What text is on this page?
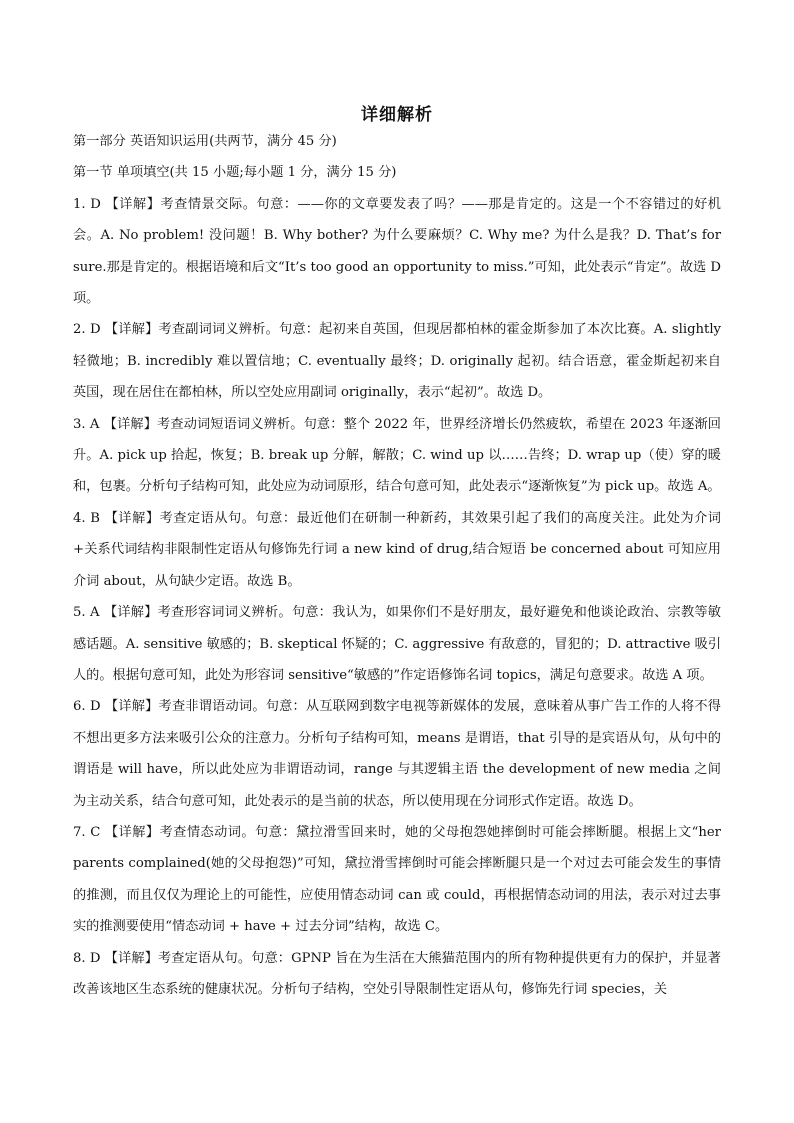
详细解析

第一部分 英语知识运用(共两节，满分 45 分)

第一节 单项填空(共 15 小题;每小题 1 分，满分 15 分)

1. D 【详解】考查情景交际。句意：——你的文章要发表了吗？——那是肯定的。这是一个不容错过的好机会。A. No problem! 没问题！B. Why bother? 为什么要麻烦？C. Why me? 为什么是我？D. That’s for sure.那是肯定的。根据语境和后文“It’s too good an opportunity to miss.”可知，此处表示“肯定”。故选 D 项。

2. D 【详解】考查副词词义辨析。句意：起初来自英国，但现居都柏林的霍金斯参加了本次比赛。A. slightly 轻微地；B. incredibly 难以置信地；C. eventually 最终；D. originally 起初。结合语意，霍金斯起初来自英国，现在居住在都柏林，所以空处应用副词 originally，表示“起初”。故选 D。

3. A 【详解】考查动词短语词义辨析。句意：整个 2022 年，世界经济增长仍然疲软，希望在 2023 年逐渐回升。A. pick up 拾起，恢复；B. break up 分解，解散；C. wind up 以……告终；D. wrap up（使）穿的暖和，包裹。分析句子结构可知，此处应为动词原形，结合句意可知，此处表示“逐渐恢复”为 pick up。故选 A。

4. B 【详解】考查定语从句。句意：最近他们在研制一种新药，其效果引起了我们的高度关注。此处为介词+关系代词结构非限制性定语从句修饰先行词 a new kind of drug,结合短语 be concerned about 可知应用介词 about，从句缺少定语。故选 B。

5. A 【详解】考查形容词词义辨析。句意：我认为，如果你们不是好朋友，最好避免和他谈论政治、宗教等敏感话题。A. sensitive 敏感的；B. skeptical 怀疑的；C. aggressive 有敌意的，冒犯的；D. attractive 吸引人的。根据句意可知，此处为形容词 sensitive“敏感的”作定语修饰名词 topics，满足句意要求。故选 A 项。

6. D 【详解】考查非谓语动词。句意：从互联网到数字电视等新媒体的发展，意味着从事广告工作的人将不得不想出更多方法来吸引公众的注意力。分析句子结构可知，means 是谓语，that 引导的是宾语从句，从句中的谓语是 will have，所以此处应为非谓语动词，range 与其逻辑主语 the development of new media 之间为主动关系，结合句意可知，此处表示的是当前的状态，所以使用现在分词形式作定语。故选 D。

7. C 【详解】考查情态动词。句意：黛拉滑雪回来时，她的父母抱怨她摔倒时可能会摔断腿。根据上文“her parents complained(她的父母抱怨)”可知，黛拉滑雪摔倒时可能会摔断腿只是一个对过去可能会发生的事情的推测，而且仅仅为理论上的可能性，应使用情态动词 can 或 could，再根据情态动词的用法，表示对过去事实的推测要使用“情态动词 + have + 过去分词”结构，故选 C。

8. D 【详解】考查定语从句。句意：GPNP 旨在为生活在大熊猫范围内的所有物种提供更有力的保护，并显著改善该地区生态系统的健康状况。分析句子结构，空处引导限制性定语从句，修饰先行词 species，关
